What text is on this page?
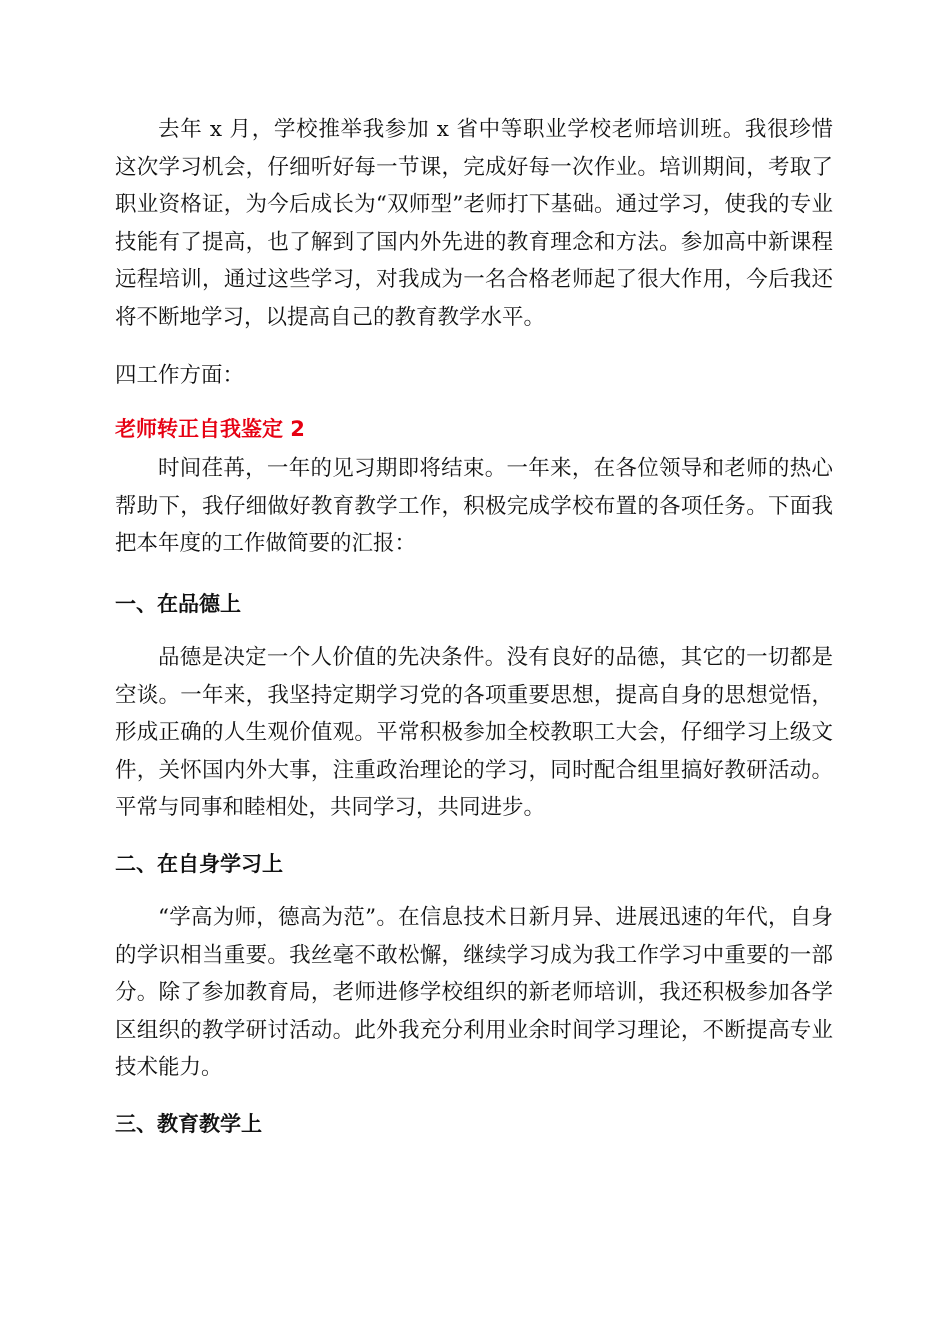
去年 x 月，学校推举我参加 x 省中等职业学校老师培训班。我很珍惜这次学习机会，仔细听好每一节课，完成好每一次作业。培训期间，考取了职业资格证，为今后成长为“双师型”老师打下基础。通过学习，使我的专业技能有了提高，也了解到了国内外先进的教育理念和方法。参加高中新课程远程培训，通过这些学习，对我成为一名合格老师起了很大作用，今后我还将不断地学习，以提高自己的教育教学水平。

四工作方面：

老师转正自我鉴定 2

时间荏苒，一年的见习期即将结束。一年来，在各位领导和老师的热心帮助下，我仔细做好教育教学工作，积极完成学校布置的各项任务。下面我把本年度的工作做简要的汇报：

一、在品德上

品德是决定一个人价值的先决条件。没有良好的品德，其它的一切都是空谈。一年来，我坚持定期学习党的各项重要思想，提高自身的思想觉悟，形成正确的人生观价值观。平常积极参加全校教职工大会，仔细学习上级文件，关怀国内外大事，注重政治理论的学习，同时配合组里搞好教研活动。平常与同事和睦相处，共同学习，共同进步。

二、在自身学习上

“学高为师，德高为范”。在信息技术日新月异、进展迅速的年代，自身的学识相当重要。我丝毫不敢松懈，继续学习成为我工作学习中重要的一部分。除了参加教育局，老师进修学校组织的新老师培训，我还积极参加各学区组织的教学研讨活动。此外我充分利用业余时间学习理论，不断提高专业技术能力。

三、教育教学上
